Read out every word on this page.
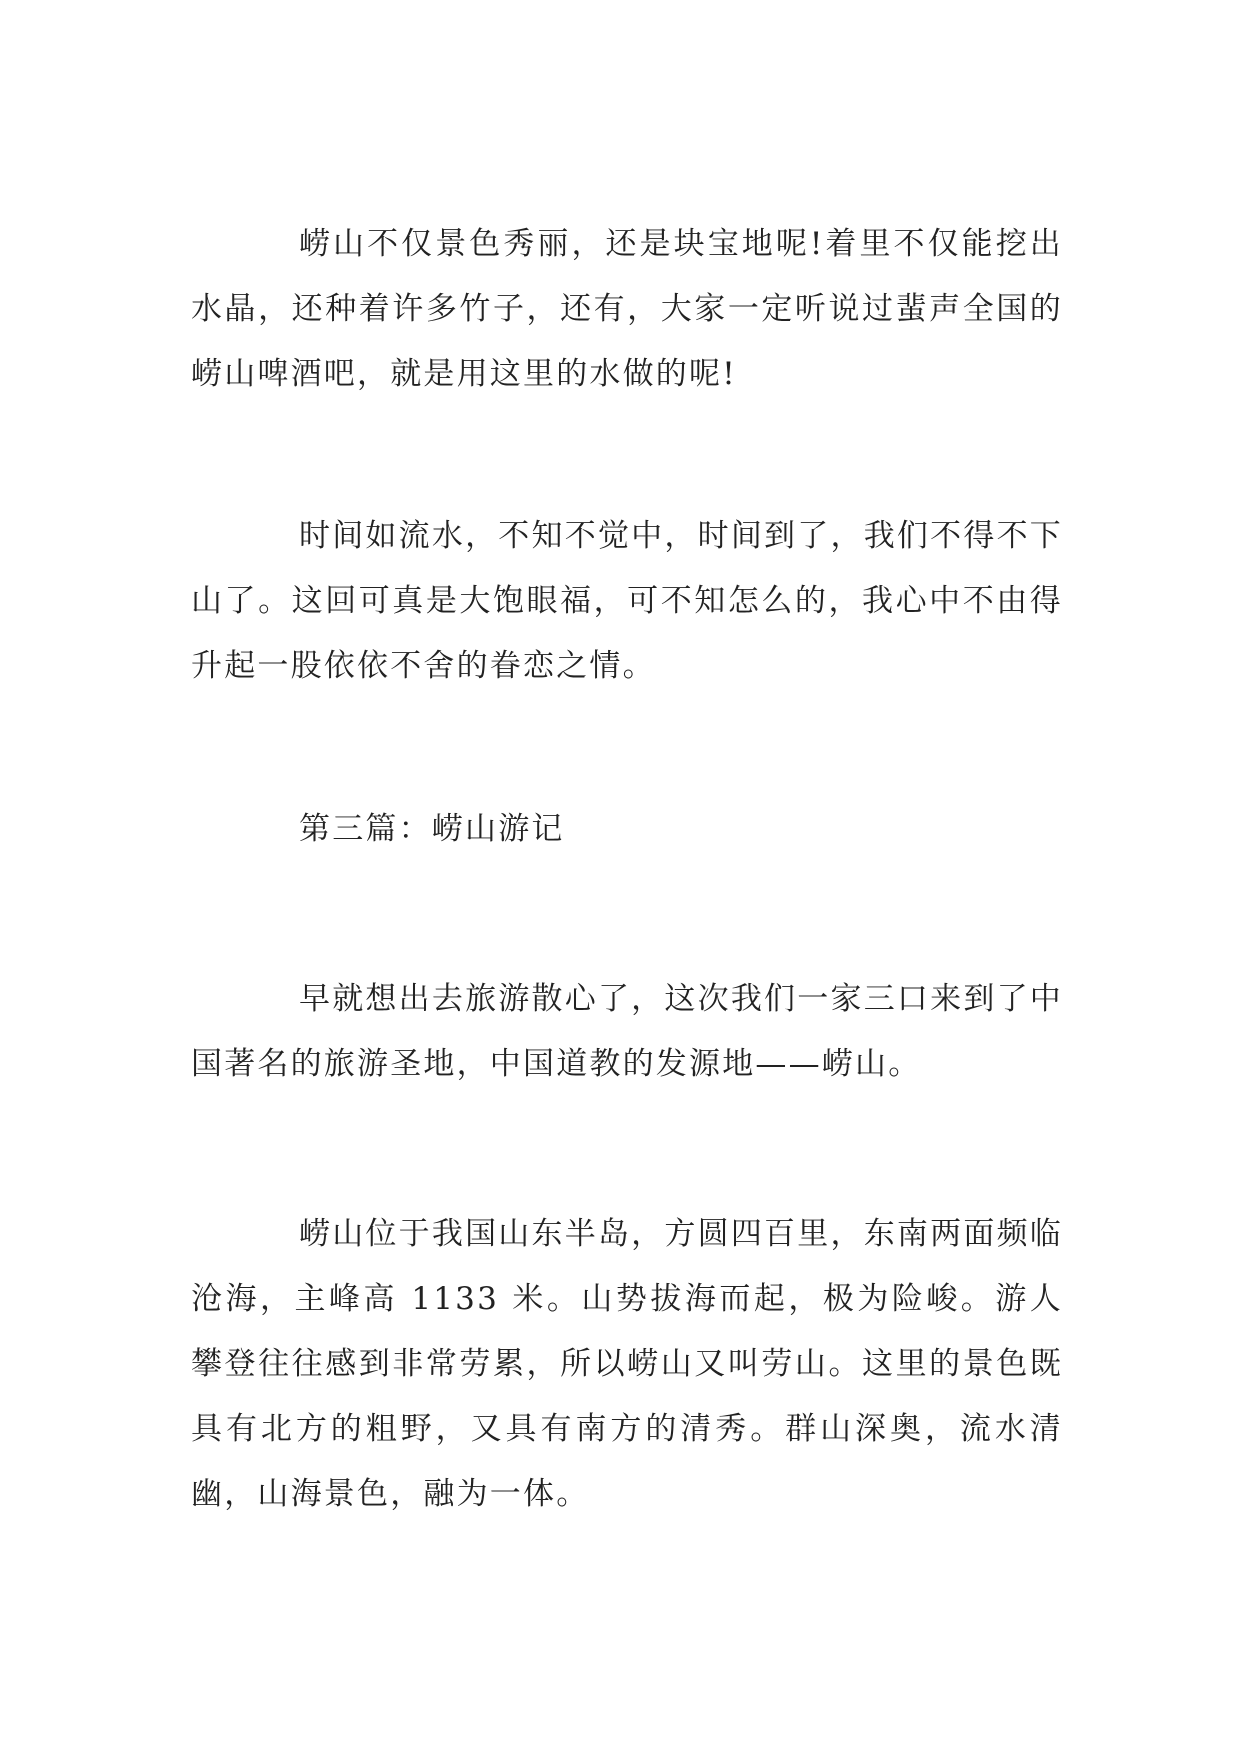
崂山不仅景色秀丽，还是块宝地呢!着里不仅能挖出水晶，还种着许多竹子，还有，大家一定听说过蜚声全国的崂山啤酒吧，就是用这里的水做的呢!

时间如流水，不知不觉中，时间到了，我们不得不下山了。这回可真是大饱眼福，可不知怎么的，我心中不由得升起一股依依不舍的眷恋之情。

第三篇：崂山游记

早就想出去旅游散心了，这次我们一家三口来到了中国著名的旅游圣地，中国道教的发源地——崂山。

崂山位于我国山东半岛，方圆四百里，东南两面频临沧海，主峰高 1133 米。山势拔海而起，极为险峻。游人攀登往往感到非常劳累，所以崂山又叫劳山。这里的景色既具有北方的粗野，又具有南方的清秀。群山深奥，流水清幽，山海景色，融为一体。
